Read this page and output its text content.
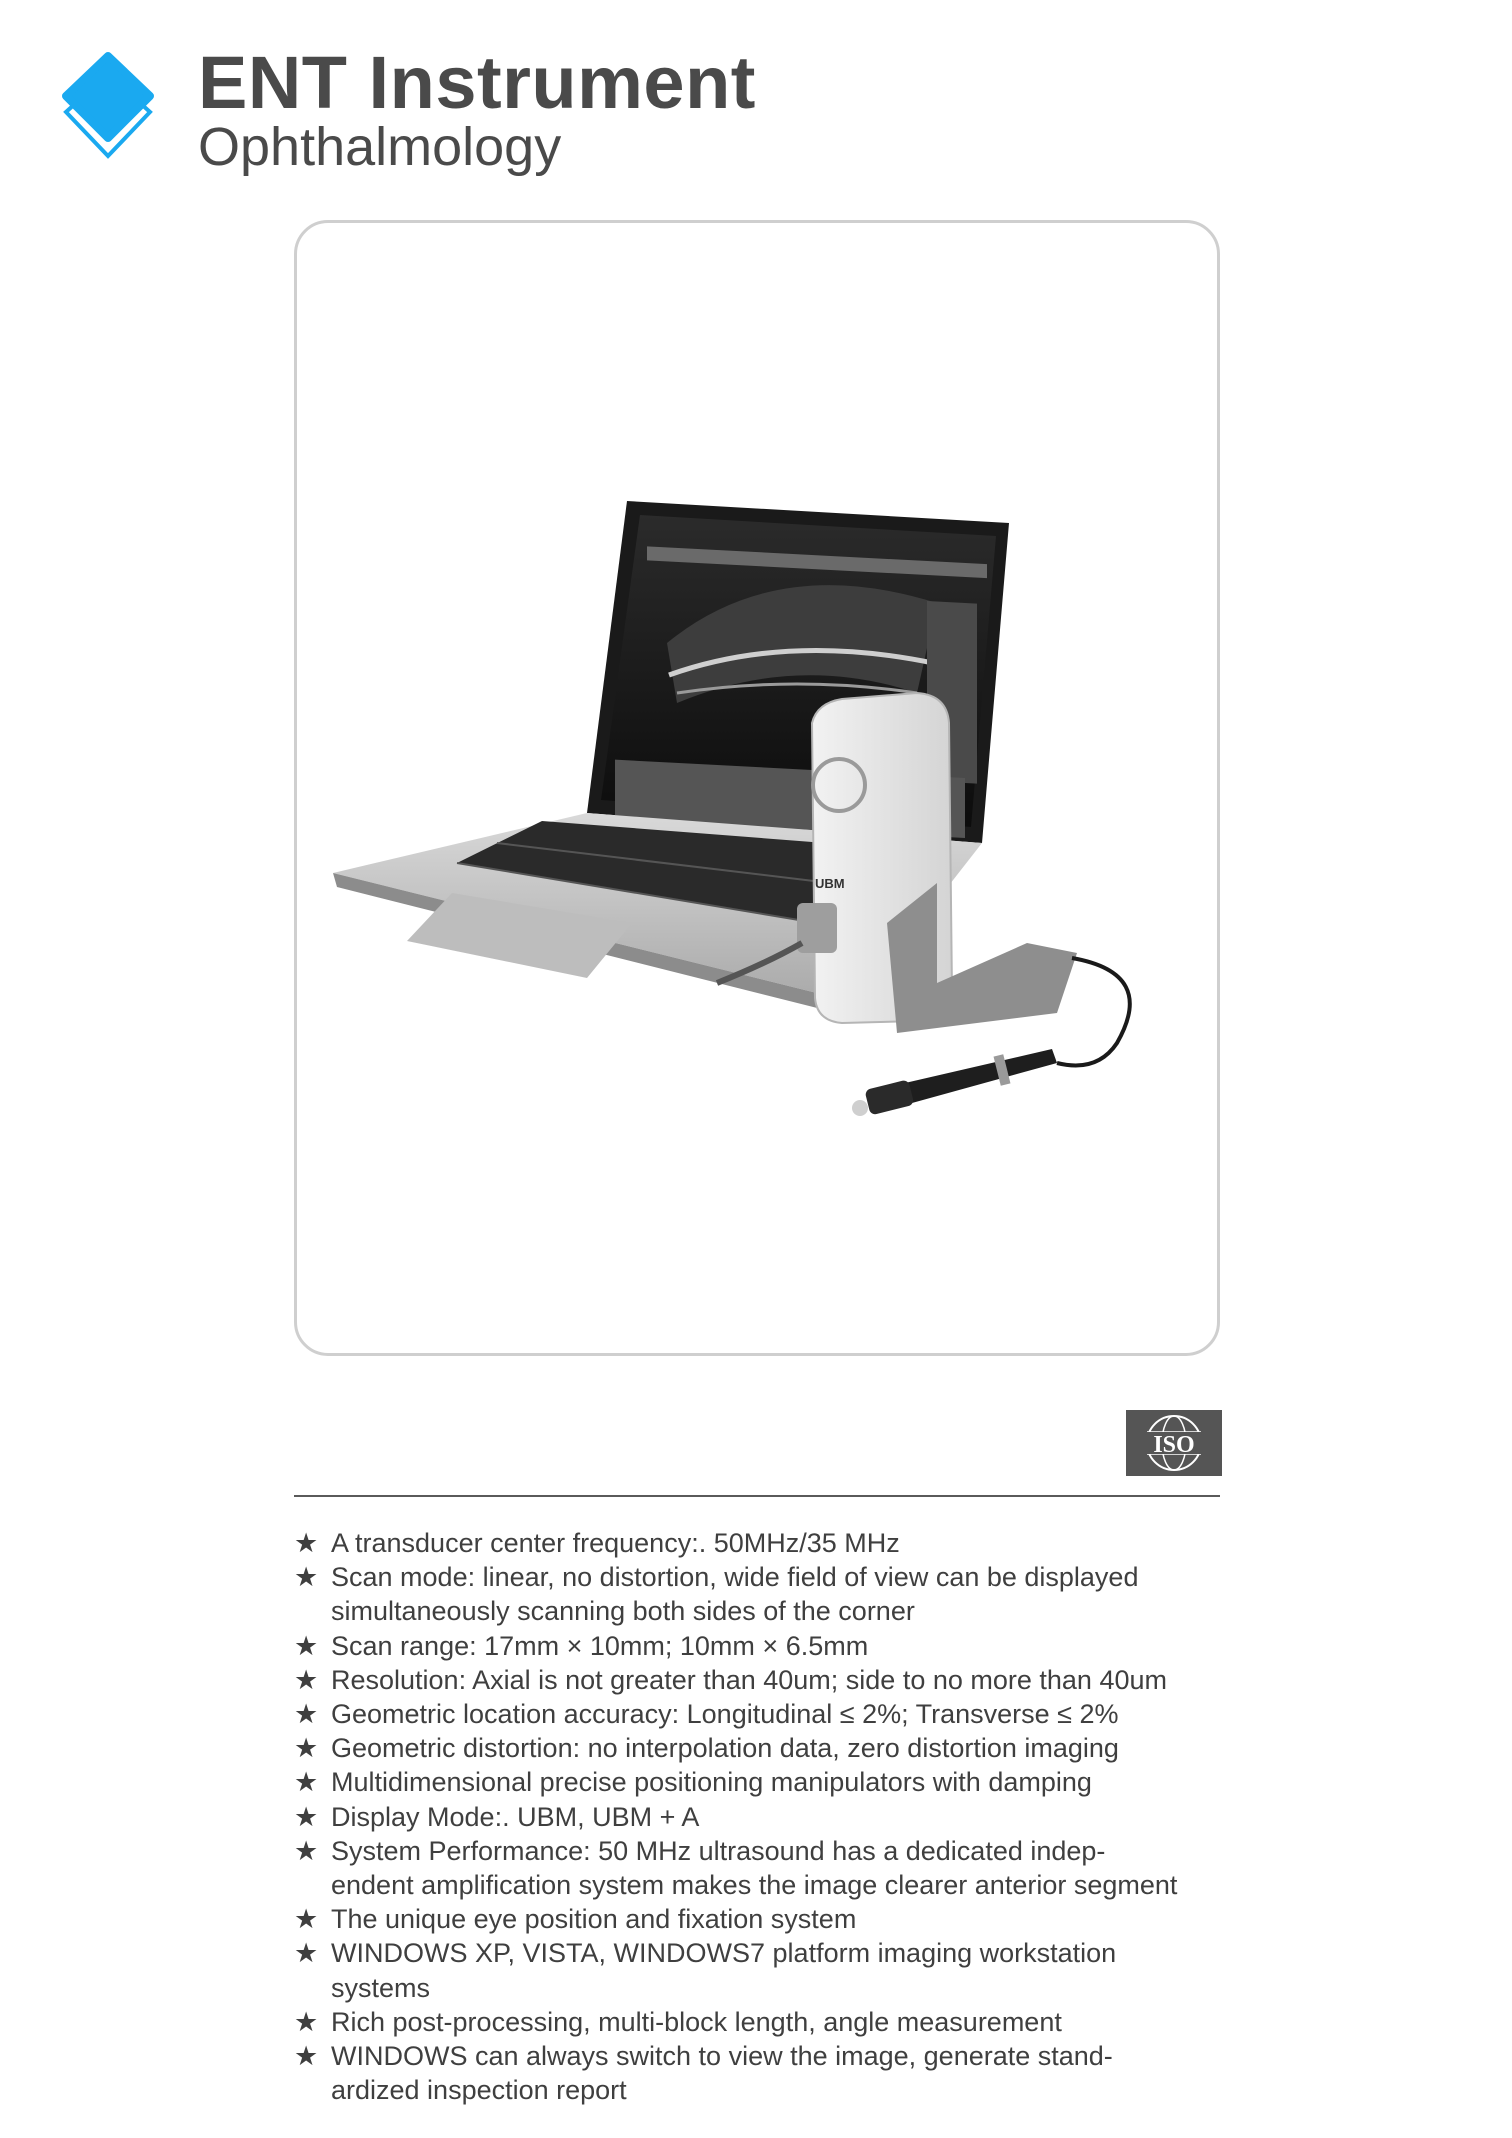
ENT Instrument
Ophthalmology
UBM
ISO
★ A transducer center frequency:. 50MHz/35 MHz
★ Scan mode: linear, no distortion, wide field of view can be displayed
simultaneously scanning both sides of the corner
★ Scan range: 17mm × 10mm; 10mm × 6.5mm
★ Resolution: Axial is not greater than 40um; side to no more than 40um
★ Geometric location accuracy: Longitudinal ≤ 2%; Transverse ≤ 2%
★ Geometric distortion: no interpolation data, zero distortion imaging
★ Multidimensional precise positioning manipulators with damping
★ Display Mode:. UBM, UBM + A
★ System Performance: 50 MHz ultrasound has a dedicated indep-
endent amplification system makes the image clearer anterior segment
★ The unique eye position and fixation system
★ WINDOWS XP, VISTA, WINDOWS7 platform imaging workstation
systems
★ Rich post-processing, multi-block length, angle measurement
★ WINDOWS can always switch to view the image, generate stand-
ardized inspection report
